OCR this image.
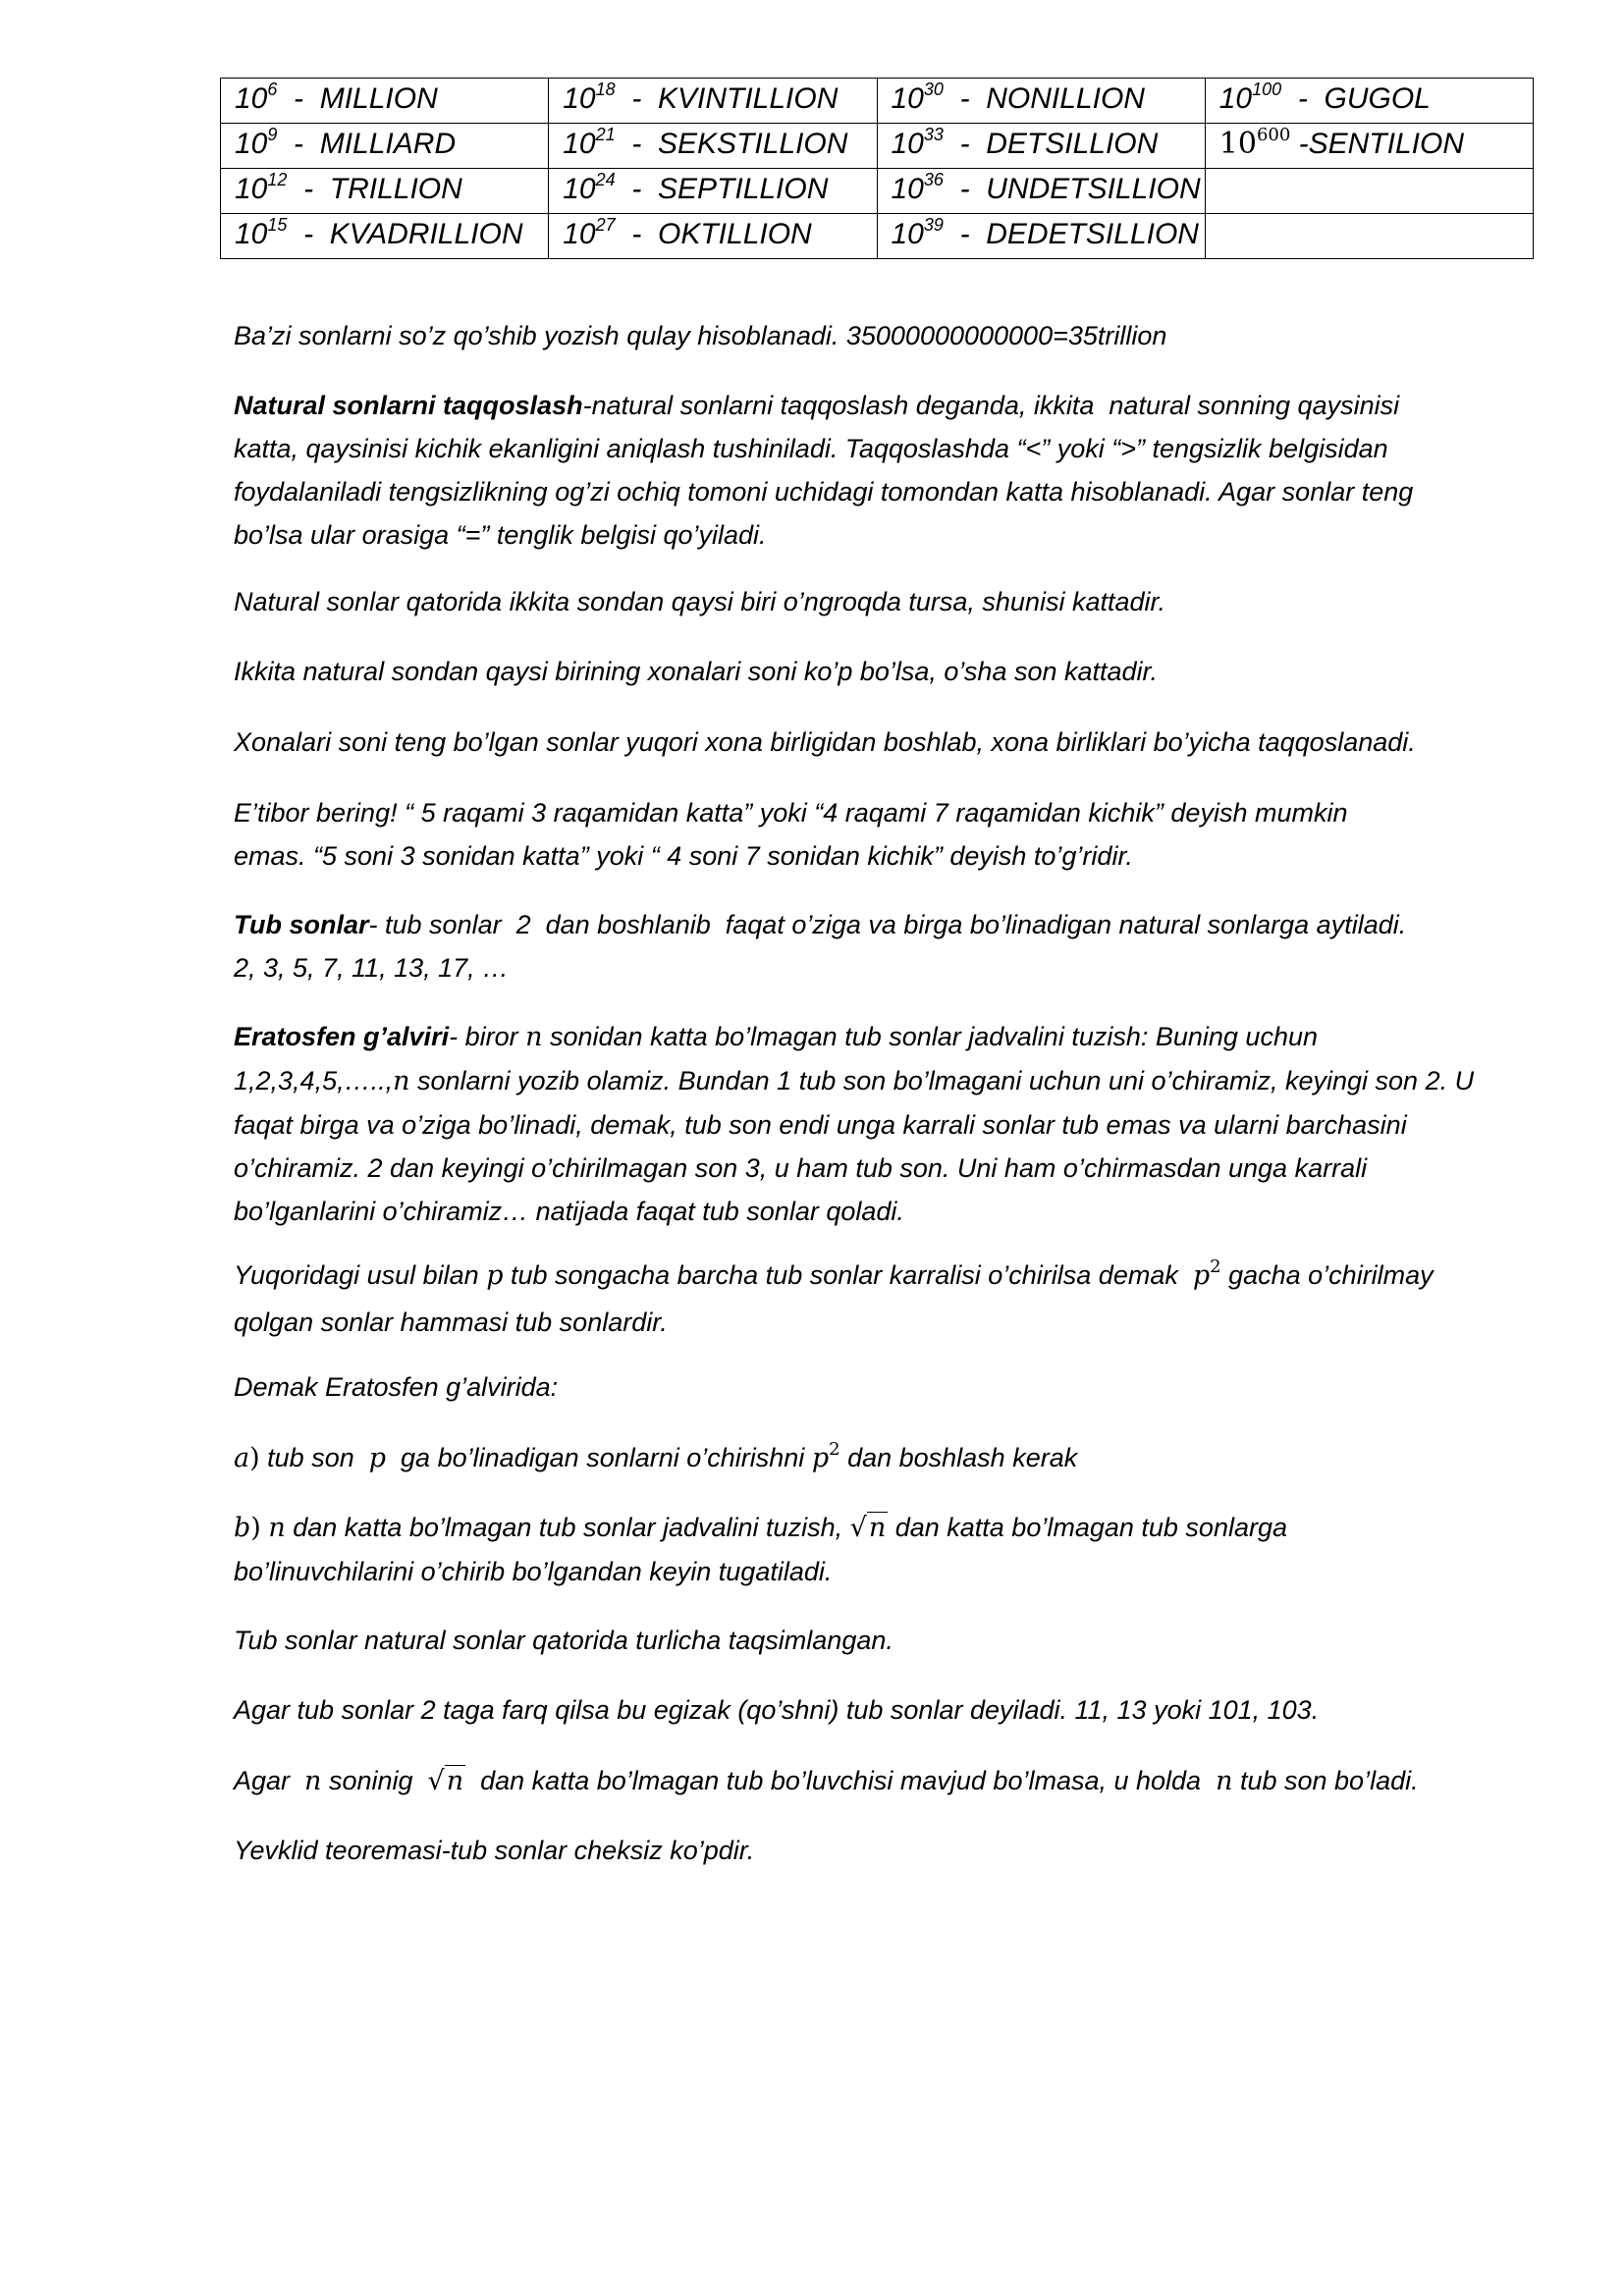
$10^6$  -  MILLION	$10^{18}$  -  KVINTILLION	$10^{30}$  -  NONILLION	$10^{100}$  -  GUGOL
$10^9$  -  MILLIARD	$10^{21}$  -  SEKSTILLION	$10^{33}$  -  DETSILLION	$10^{600}$ -SENTILION
$10^{12}$  -  TRILLION	$10^{24}$  -  SEPTILLION	$10^{36}$  -  UNDETSILLION	
$10^{15}$  -  KVADRILLION	$10^{27}$  -  OKTILLION	$10^{39}$  -  DEDETSILLION	
Ba’zi sonlarni so’z qo’shib yozish qulay hisoblanadi. 35000000000000=35trillion
Natural sonlarni taqqoslash-natural sonlarni taqqoslash deganda, ikkita  natural sonning qaysinisi
katta, qaysinisi kichik ekanligini aniqlash tushiniladi. Taqqoslashda “<” yoki “>” tengsizlik belgisidan
foydalaniladi tengsizlikning og’zi ochiq tomoni uchidagi tomondan katta hisoblanadi. Agar sonlar teng
bo’lsa ular orasiga “=” tenglik belgisi qo’yiladi.
Natural sonlar qatorida ikkita sondan qaysi biri o’ngroqda tursa, shunisi kattadir.
Ikkita natural sondan qaysi birining xonalari soni ko’p bo’lsa, o’sha son kattadir.
Xonalari soni teng bo’lgan sonlar yuqori xona birligidan boshlab, xona birliklari bo’yicha taqqoslanadi.
E’tibor bering! “ 5 raqami 3 raqamidan katta” yoki “4 raqami 7 raqamidan kichik” deyish mumkin
emas. “5 soni 3 sonidan katta” yoki “ 4 soni 7 sonidan kichik” deyish to’g’ridir.
Tub sonlar- tub sonlar  2  dan boshlanib  faqat o’ziga va birga bo’linadigan natural sonlarga aytiladi.
2, 3, 5, 7, 11, 13, 17, …
Eratosfen g’alviri- biror n sonidan katta bo’lmagan tub sonlar jadvalini tuzish: Buning uchun
1,2,3,4,5,…..,n sonlarni yozib olamiz. Bundan 1 tub son bo’lmagani uchun uni o’chiramiz, keyingi son 2. U
faqat birga va o’ziga bo’linadi, demak, tub son endi unga karrali sonlar tub emas va ularni barchasini
o’chiramiz. 2 dan keyingi o’chirilmagan son 3, u ham tub son. Uni ham o’chirmasdan unga karrali
bo’lganlarini o’chiramiz… natijada faqat tub sonlar qoladi.
Yuqoridagi usul bilan p tub songacha barcha tub sonlar karralisi o’chirilsa demak  $p^2$ gacha o’chirilmay
qolgan sonlar hammasi tub sonlardir.
Demak Eratosfen g’alvirida:
a) tub son  p  ga bo’linadigan sonlarni o’chirishni $p^2$ dan boshlash kerak
b) n dan katta bo’lmagan tub sonlar jadvalini tuzish, √n dan katta bo’lmagan tub sonlarga
bo’linuvchilarini o’chirib bo’lgandan keyin tugatiladi.
Tub sonlar natural sonlar qatorida turlicha taqsimlangan.
Agar tub sonlar 2 taga farq qilsa bu egizak (qo’shni) tub sonlar deyiladi. 11, 13 yoki 101, 103.
Agar  n soninig  √n  dan katta bo’lmagan tub bo’luvchisi mavjud bo’lmasa, u holda  n tub son bo’ladi.
Yevklid teoremasi-tub sonlar cheksiz ko’pdir.
